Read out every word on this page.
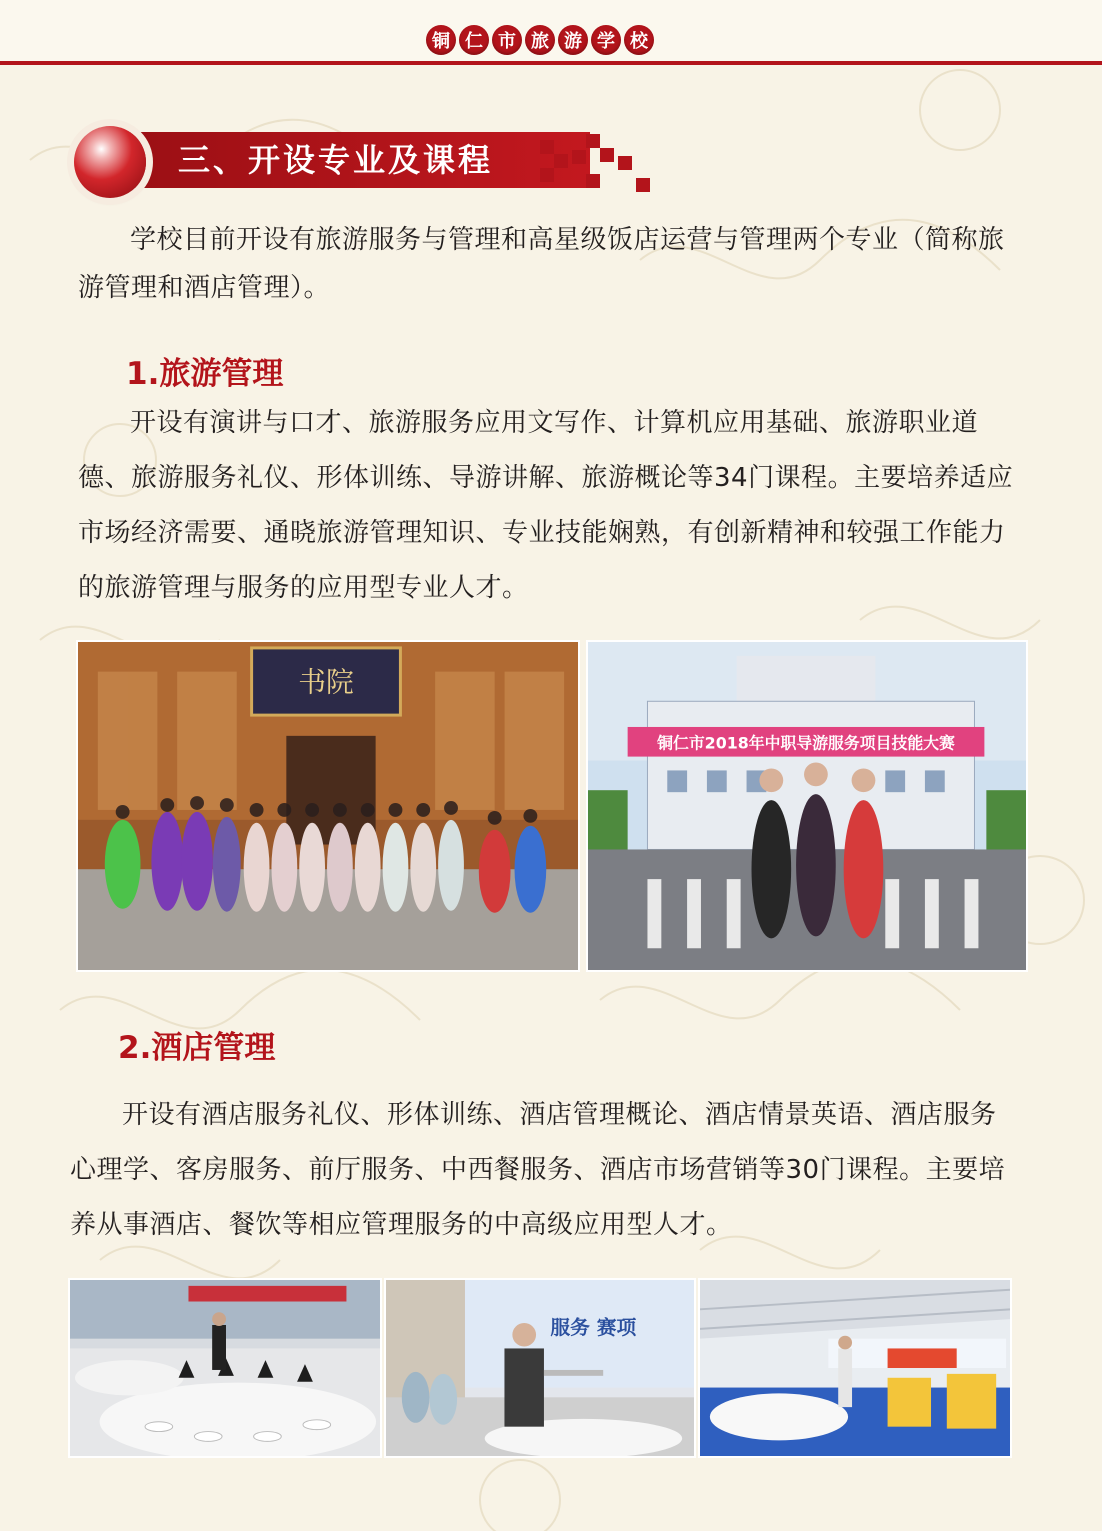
铜 仁 市 旅 游 学 校
三、开设专业及课程

学校目前开设有旅游服务与管理和高星级饭店运营与管理两个专业（简称旅游管理和酒店管理）。

1.旅游管理

开设有演讲与口才、旅游服务应用文写作、计算机应用基础、旅游职业道德、旅游服务礼仪、形体训练、导游讲解、旅游概论等34门课程。主要培养适应市场经济需要、通晓旅游管理知识、专业技能娴熟，有创新精神和较强工作能力的旅游管理与服务的应用型专业人才。

书院
铜仁市2018年中职导游服务项目技能大赛
2.酒店管理

开设有酒店服务礼仪、形体训练、酒店管理概论、酒店情景英语、酒店服务心理学、客房服务、前厅服务、中西餐服务、酒店市场营销等30门课程。主要培养从事酒店、餐饮等相应管理服务的中高级应用型人才。

服务 赛项
